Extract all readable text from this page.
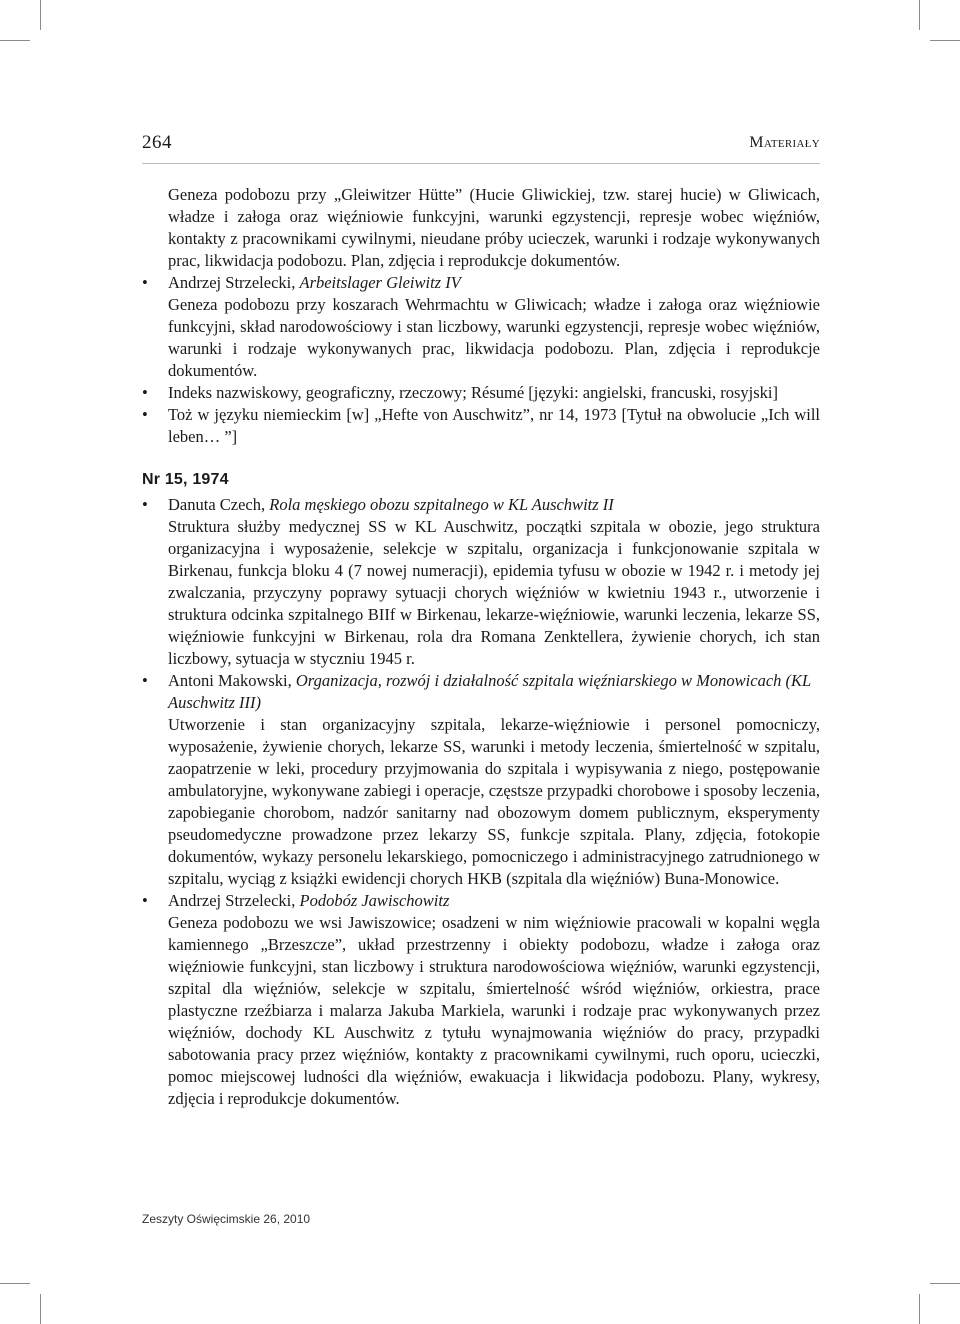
264	Materiały

Geneza podobozu przy „Gleiwitzer Hütte” (Hucie Gliwickiej, tzw. starej hucie) w Gliwicach, władze i załoga oraz więźniowie funkcyjni, warunki egzystencji, represje wobec więźniów, kontakty z pracownikami cywilnymi, nieudane próby ucieczek, warunki i rodzaje wykonywanych prac, likwidacja podobozu. Plan, zdjęcia i reprodukcje dokumentów.

• Andrzej Strzelecki, Arbeitslager Gleiwitz IV
Geneza podobozu przy koszarach Wehrmachtu w Gliwicach; władze i załoga oraz więźniowie funkcyjni, skład narodowościowy i stan liczbowy, warunki egzystencji, represje wobec więźniów, warunki i rodzaje wykonywanych prac, likwidacja podobozu. Plan, zdjęcia i reprodukcje dokumentów.
• Indeks nazwiskowy, geograficzny, rzeczowy; Résumé [języki: angielski, francuski, rosyjski]
• Toż w języku niemieckim [w] „Hefte von Auschwitz”, nr 14, 1973 [Tytuł na obwolucie „Ich will leben… ”]
Nr 15, 1974
• Danuta Czech, Rola męskiego obozu szpitalnego w KL Auschwitz II
Struktura służby medycznej SS w KL Auschwitz, początki szpitala w obozie, jego struktura organizacyjna i wyposażenie, selekcje w szpitalu, organizacja i funkcjonowanie szpitala w Birkenau, funkcja bloku 4 (7 nowej numeracji), epidemia tyfusu w obozie w 1942 r. i metody jej zwalczania, przyczyny poprawy sytuacji chorych więźniów w kwietniu 1943 r., utworzenie i struktura odcinka szpitalnego BIIf w Birkenau, lekarze-więźniowie, warunki leczenia, lekarze SS, więźniowie funkcyjni w Birkenau, rola dra Romana Zenktellera, żywienie chorych, ich stan liczbowy, sytuacja w styczniu 1945 r.
• Antoni Makowski, Organizacja, rozwój i działalność szpitala więźniarskiego w Monowicach (KL Auschwitz III)
Utworzenie i stan organizacyjny szpitala, lekarze-więźniowie i personel pomocniczy, wyposażenie, żywienie chorych, lekarze SS, warunki i metody leczenia, śmiertelność w szpitalu, zaopatrzenie w leki, procedury przyjmowania do szpitala i wypisywania z niego, postępowanie ambulatoryjne, wykonywane zabiegi i operacje, częstsze przypadki chorobowe i sposoby leczenia, zapobieganie chorobom, nadzór sanitarny nad obozowym domem publicznym, eksperymenty pseudomedyczne prowadzone przez lekarzy SS, funkcje szpitala. Plany, zdjęcia, fotokopie dokumentów, wykazy personelu lekarskiego, pomocniczego i administracyjnego zatrudnionego w szpitalu, wyciąg z książki ewidencji chorych HKB (szpitala dla więźniów) Buna-Monowice.
• Andrzej Strzelecki, Podobóz Jawischowitz
Geneza podobozu we wsi Jawiszowice; osadzeni w nim więźniowie pracowali w kopalni węgla kamiennego „Brzeszcze”, układ przestrzenny i obiekty podobozu, władze i załoga oraz więźniowie funkcyjni, stan liczbowy i struktura narodowościowa więźniów, warunki egzystencji, szpital dla więźniów, selekcje w szpitalu, śmiertelność wśród więźniów, orkiestra, prace plastyczne rzeźbiarza i malarza Jakuba Markiela, warunki i rodzaje prac wykonywanych przez więźniów, dochody KL Auschwitz z tytułu wynajmowania więźniów do pracy, przypadki sabotowania pracy przez więźniów, kontakty z pracownikami cywilnymi, ruch oporu, ucieczki, pomoc miejscowej ludności dla więźniów, ewakuacja i likwidacja podobozu. Plany, wykresy, zdjęcia i reprodukcje dokumentów.
Zeszyty Oświęcimskie 26, 2010
